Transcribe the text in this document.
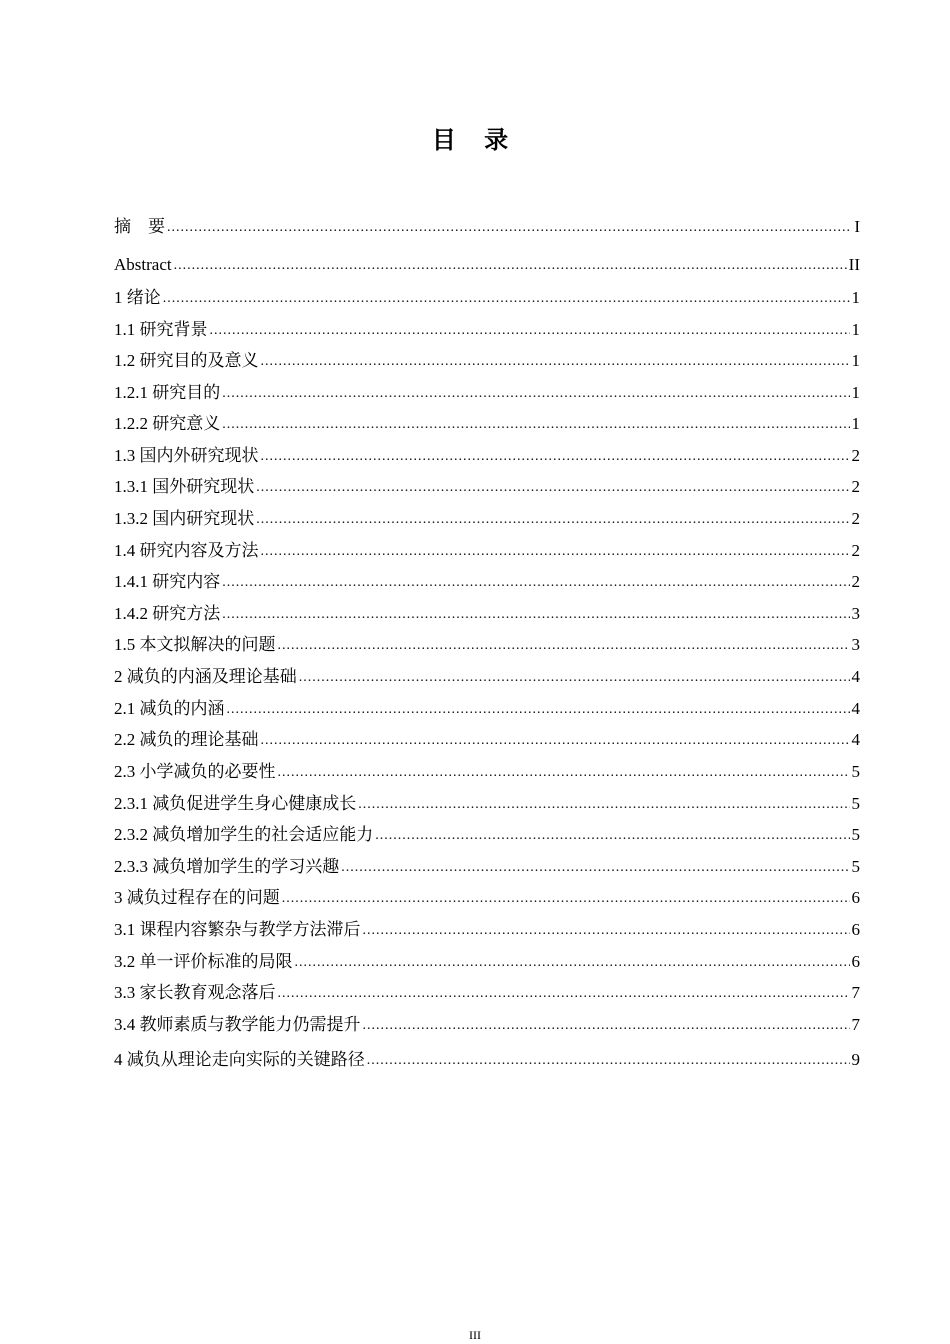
目 录
摘　要 .....	I
Abstract .....	II
1 绪论 .....	1
1.1 研究背景 .....	1
1.2 研究目的及意义 .....	1
1.2.1 研究目的 .....	1
1.2.2 研究意义 .....	1
1.3 国内外研究现状 .....	2
1.3.1 国外研究现状 .....	2
1.3.2 国内研究现状 .....	2
1.4 研究内容及方法 .....	2
1.4.1 研究内容 .....	2
1.4.2 研究方法 .....	3
1.5 本文拟解决的问题 .....	3
2 减负的内涵及理论基础 .....	4
2.1 减负的内涵 .....	4
2.2 减负的理论基础 .....	4
2.3 小学减负的必要性 .....	5
2.3.1 减负促进学生身心健康成长 .....	5
2.3.2 减负增加学生的社会适应能力 .....	5
2.3.3 减负增加学生的学习兴趣 .....	5
3 减负过程存在的问题 .....	6
3.1 课程内容繁杂与教学方法滞后 .....	6
3.2 单一评价标准的局限 .....	6
3.3 家长教育观念落后 .....	7
3.4 教师素质与教学能力仍需提升 .....	7
4 减负从理论走向实际的关键路径 .....	9
III
